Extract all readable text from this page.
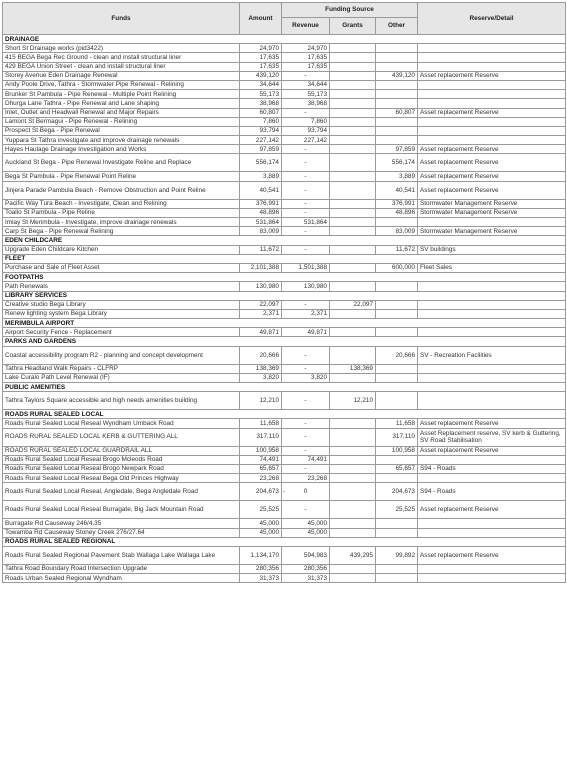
Funds	Amount	Funding Source			Reserve/Detail
		Revenue	Grants	Other	
DRAINAGE					
Short St Drainage works (pid3422)	24,970	24,970			
415 BEGA Bega Rec Ground - clean and install structural liner	17,635	17,635			
429 BEGA Union Street - clean and install structural liner	17,635	17,635			
Storey Avenue Eden Drainage Renewal	439,120	-		439,120	Asset replacement Reserve
Andy Poole Drive, Tathra - Stormwater Pipe Renewal - Relining	34,644	34,644			
Brunker St Pambula - Pipe Renewal - Multiple Point Relining	55,173	55,173			
Dhurga Lane Tathra - Pipe Renewal and Lane shaping	38,968	38,968			
Inlet, Outlet and Headwall Renewal and Major Repairs	60,807	-		60,807	Asset replacement Reserve
Lamont St Bermagui - Pipe Renewal - Relining	7,860	7,860			
Prospect St Bega - Pipe Renewal	93,794	93,794			
Yuppara St Tathra investigate and improve drainage renewals	227,142	227,142			
Hayes Haulage Drainage Investigation and Works	97,859	-		97,859	Asset replacement Reserve
Auckland St Bega - Pipe Renewal Investigate Reline and Replace	556,174	-		556,174	Asset replacement Reserve
Bega St Pambula - Pipe Renewal Point Reline	3,889	-		3,889	Asset replacement Reserve
Jinjera Parade Pambula Beach - Remove Obstruction and Point Reline	40,541	-		40,541	Asset replacement Reserve
Pacific Way Tura Beach - Investigate, Clean and Relining	376,991	-		376,991	Stormwater Management Reserve
Toallo St Pambula - Pipe Reline	48,896	-		48,896	Stormwater Management Reserve
Imlay St Merimbula - Investigate, improve drainage renewals	531,864	531,864			
Carp St Bega - Pipe Renewal Relining	83,009	-		83,009	Stormwater Management Reserve
EDEN CHILDCARE					
Upgrade Eden Childcare Kitchen	11,672	-		11,672	SV buildings
FLEET					
Purchase and Sale of Fleet Asset	2,101,388	1,501,388		600,000	Fleet Sales
FOOTPATHS					
Path Renewals	130,980	130,980			
LIBRARY SERVICES					
Creative studio Bega Library	22,097	-	22,097		
Renew lighting system Bega Library	2,371	2,371			
MERIMBULA AIRPORT					
Airport Security Fence - Replacement	49,871	49,871			
PARKS AND GARDENS					
Coastal accessibility program R2 - planning and concept development	20,666	-		20,666	SV - Recreation Facilities
Tathra Headland Walk Repairs - CLFRP	138,369	-	138,369		
Lake Curalo Path Level Renewal (IF)	3,820	3,820			
PUBLIC AMENITIES					
Tathra Taylors Square accessible and high needs amenities building	12,210	-	12,210		
ROADS RURAL SEALED LOCAL					
Roads Rural Sealed Local Reseal Wyndham Umback Road	11,658	-		11,658	Asset replacement Reserve
ROADS RURAL SEALED LOCAL KERB & GUTTERING ALL	317,110	-		317,110	Asset Replacement reserve, SV kerb & Guttering, SV Road Stabilisation
ROADS RURAL SEALED LOCAL GUARDRAIL ALL	100,958	-		100,958	Asset replacement Reserve
Roads Rural Sealed Local Reseal Brogo Mcleods Road	74,491	74,491			
Roads Rural Sealed Local Reseal Brogo Newpark Road	65,657	-		65,657	S94 - Roads
Roads Rural Sealed Local Reseal Bega Old Princes Highway	23,268	23,268			
Roads Rural Sealed Local Reseal, Angledale, Bega Angledale Road	204,673	- 0		204,673	S94 - Roads
Roads Rural Sealed Local Reseal Burragate, Big Jack Mountain Road	25,525	-		25,525	Asset replacement Reserve
Burragate Rd Causeway 246/4.35	45,000	45,000			
Towamba Rd Causeway Stoney Creek 276/27.64	45,000	45,000			
ROADS RURAL SEALED REGIONAL					
Roads Rural Sealed Regional Pavement Stab Wallaga Lake Wallaga Lake	1,134,170	594,983	439,295	99,892	Asset replacement Reserve
Tathra Road Boundary Road Intersection Upgrade	280,356	280,356			
Roads Urban Sealed Regional Wyndham	31,373	31,373			
